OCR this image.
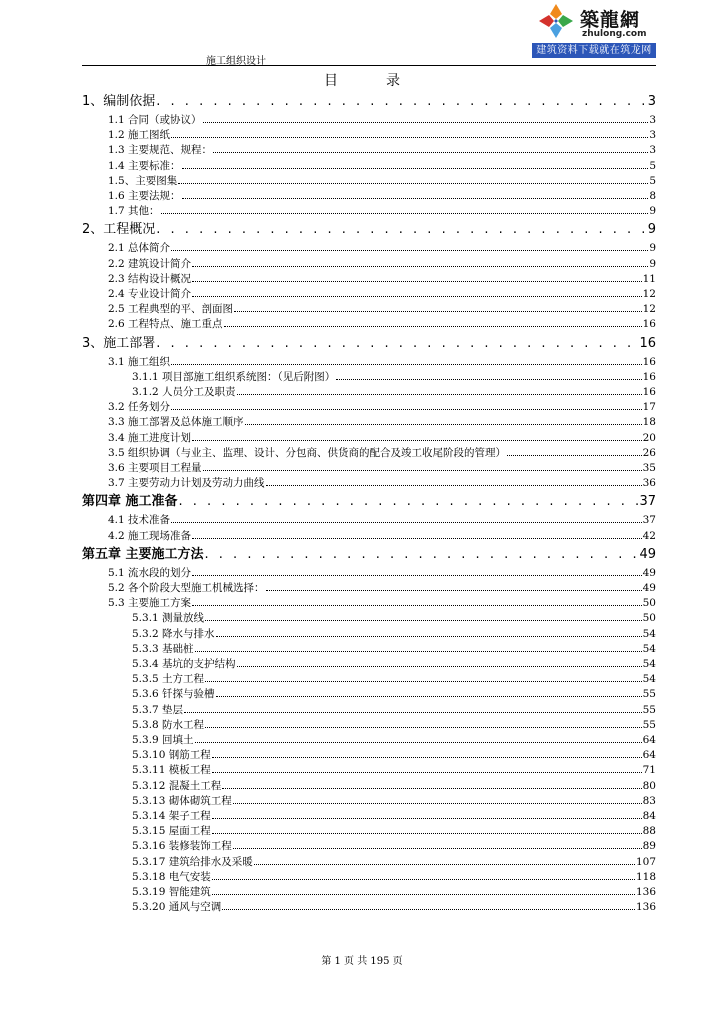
築龍網
zhulong.com
建筑资料下载就在筑龙网
施工组织设计
目	录
1、编制依据 . . .	3
1.1 合同（或协议）	3
1.2 施工图纸	3
1.3 主要规范、规程：	3
1.4 主要标准：	5
1.5、主要图集	5
1.6 主要法规：	8
1.7 其他：	9
2、工程概况 . . .	9
2.1 总体简介	9
2.2 建筑设计简介	9
2.3 结构设计概况	11
2.4 专业设计简介	12
2.5 工程典型的平、剖面图	12
2.6 工程特点、施工重点	16
3、施工部署 . . .	16
3.1 施工组织	16
3.1.1 项目部施工组织系统图：（见后附图）	16
3.1.2 人员分工及职责	16
3.2 任务划分	17
3.3 施工部署及总体施工顺序	18
3.4 施工进度计划	20
3.5 组织协调（与业主、监理、设计、分包商、供货商的配合及竣工收尾阶段的管理）	26
3.6 主要项目工程量	35
3.7 主要劳动力计划及劳动力曲线	36
第四章 施工准备 . . .	37
4.1 技术准备	37
4.2 施工现场准备	42
第五章 主要施工方法 . . .	49
5.1 流水段的划分	49
5.2 各个阶段大型施工机械选择：	49
5.3 主要施工方案	50
5.3.1 测量放线	50
5.3.2 降水与排水	54
5.3.3 基础桩	54
5.3.4 基坑的支护结构	54
5.3.5 土方工程	54
5.3.6 钎探与验槽	55
5.3.7 垫层	55
5.3.8 防水工程	55
5.3.9 回填土	64
5.3.10 钢筋工程	64
5.3.11 模板工程	71
5.3.12 混凝土工程	80
5.3.13 砌体砌筑工程	83
5.3.14 架子工程	84
5.3.15 屋面工程	88
5.3.16 装修装饰工程	89
5.3.17 建筑给排水及采暖	107
5.3.18 电气安装	118
5.3.19 智能建筑	136
5.3.20 通风与空调	136
第 1 页 共 195 页
